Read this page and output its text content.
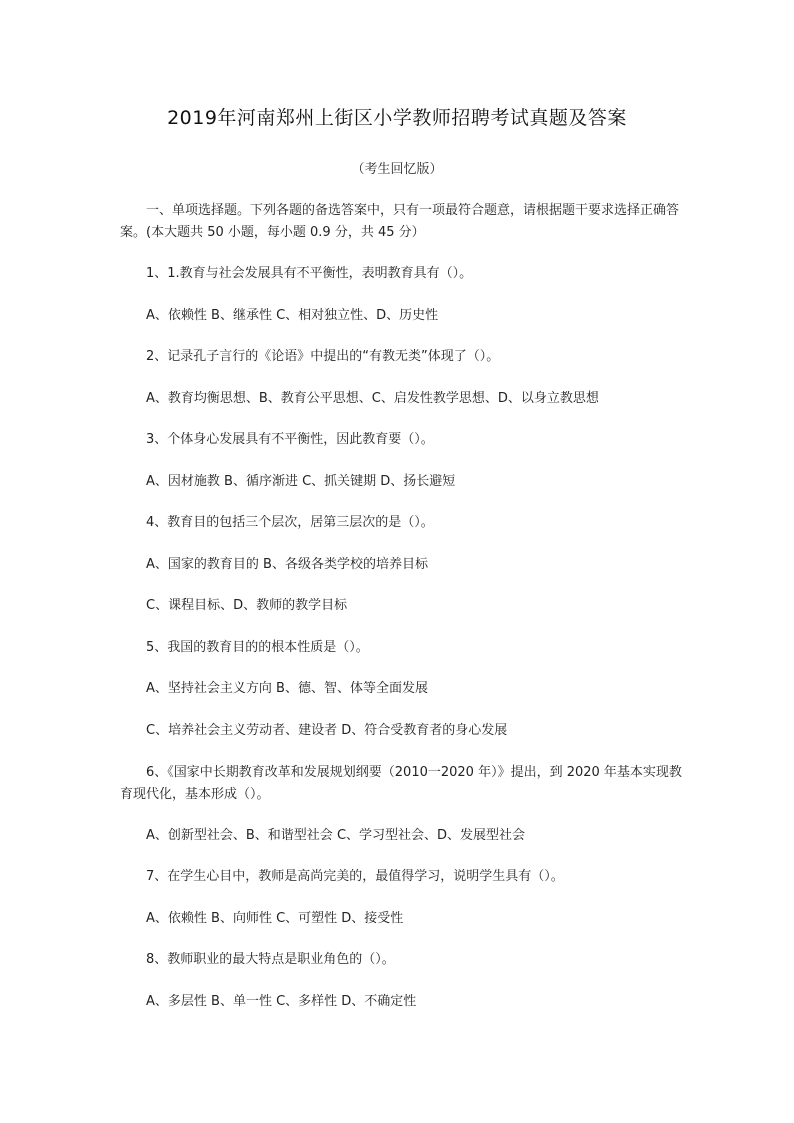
2019年河南郑州上街区小学教师招聘考试真题及答案
（考生回忆版）
一、单项选择题。下列各题的备选答案中，只有一项最符合题意，请根据题干要求选择正确答案。(本大题共 50 小题，每小题 0.9 分，共 45 分）
1、1.教育与社会发展具有不平衡性，表明教育具有（）。
A、依赖性 B、继承性 C、相对独立性、D、历史性
2、记录孔子言行的《论语》中提出的“有教无类”体现了（）。
A、教育均衡思想、B、教育公平思想、C、启发性教学思想、D、以身立教思想
3、个体身心发展具有不平衡性，因此教育要（）。
A、因材施教 B、循序渐进 C、抓关键期 D、扬长避短
4、教育目的包括三个层次，居第三层次的是（）。
A、国家的教育目的 B、各级各类学校的培养目标
C、课程目标、D、教师的教学目标
5、我国的教育目的的根本性质是（）。
A、坚持社会主义方向 B、德、智、体等全面发展
C、培养社会主义劳动者、建设者 D、符合受教育者的身心发展
6、《国家中长期教育改革和发展规划纲要（2010一2020 年）》提出，到 2020 年基本实现教育现代化，基本形成（）。
A、创新型社会、B、和谐型社会 C、学习型社会、D、发展型社会
7、在学生心目中，教师是高尚完美的，最值得学习，说明学生具有（）。
A、依赖性 B、向师性 C、可塑性 D、接受性
8、教师职业的最大特点是职业角色的（）。
A、多层性 B、单一性 C、多样性 D、不确定性
